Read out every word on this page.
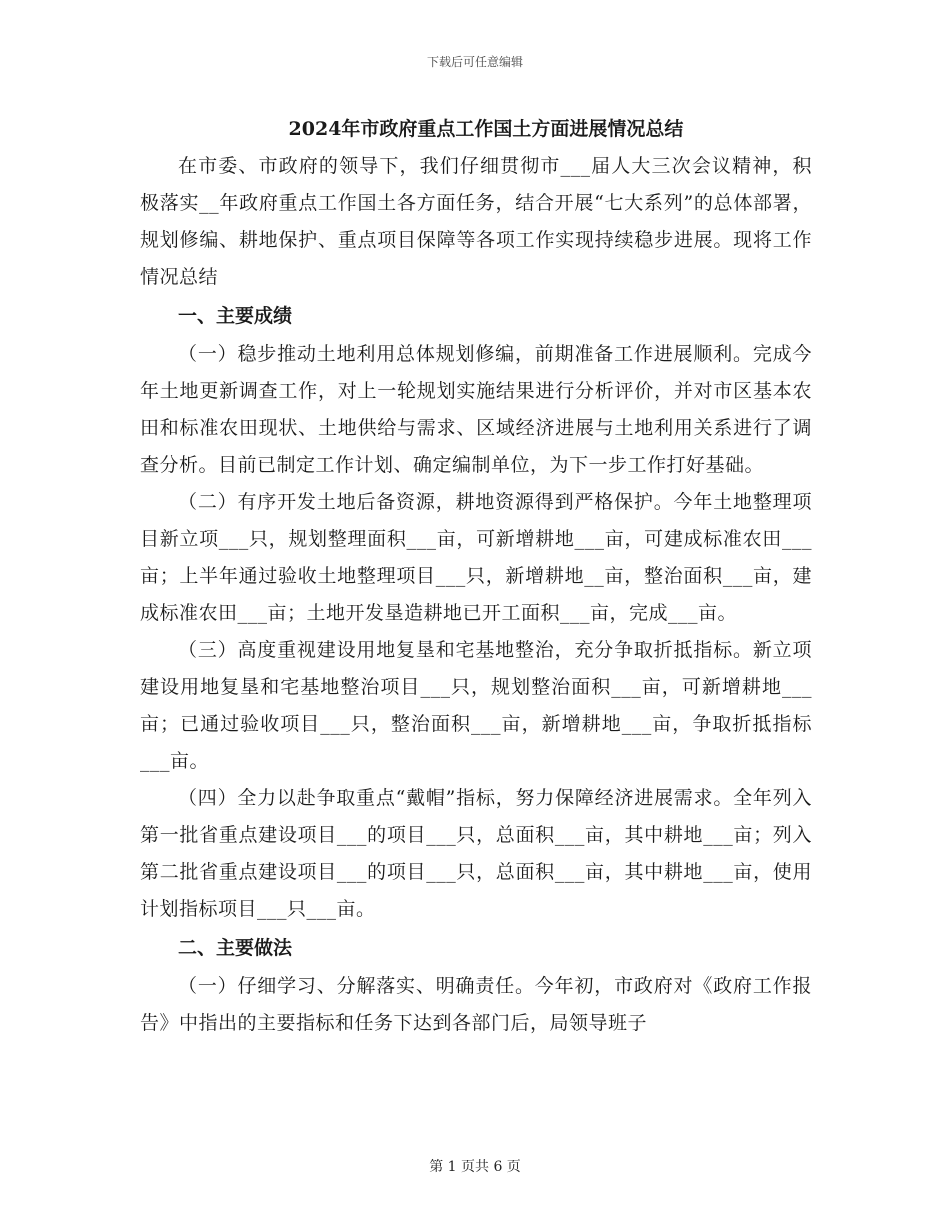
下载后可任意编辑
2024年市政府重点工作国土方面进展情况总结

在市委、市政府的领导下，我们仔细贯彻市___届人大三次会议精神，积极落实__年政府重点工作国土各方面任务，结合开展“七大系列”的总体部署，规划修编、耕地保护、重点项目保障等各项工作实现持续稳步进展。现将工作情况总结

一、主要成绩

（一）稳步推动土地利用总体规划修编，前期准备工作进展顺利。完成今年土地更新调查工作，对上一轮规划实施结果进行分析评价，并对市区基本农田和标准农田现状、土地供给与需求、区域经济进展与土地利用关系进行了调查分析。目前已制定工作计划、确定编制单位，为下一步工作打好基础。

（二）有序开发土地后备资源，耕地资源得到严格保护。今年土地整理项目新立项___只，规划整理面积___亩，可新增耕地___亩，可建成标准农田___亩；上半年通过验收土地整理项目___只，新增耕地__亩，整治面积___亩，建成标准农田___亩；土地开发垦造耕地已开工面积___亩，完成___亩。

（三）高度重视建设用地复垦和宅基地整治，充分争取折抵指标。新立项建设用地复垦和宅基地整治项目___只，规划整治面积___亩，可新增耕地___亩；已通过验收项目___只，整治面积___亩，新增耕地___亩，争取折抵指标___亩。

（四）全力以赴争取重点“戴帽”指标，努力保障经济进展需求。全年列入第一批省重点建设项目___的项目___只，总面积___亩，其中耕地___亩；列入第二批省重点建设项目___的项目___只，总面积___亩，其中耕地___亩，使用计划指标项目___只___亩。

二、主要做法

（一）仔细学习、分解落实、明确责任。今年初，市政府对《政府工作报告》中指出的主要指标和任务下达到各部门后，局领导班子

第 1 页共 6 页
